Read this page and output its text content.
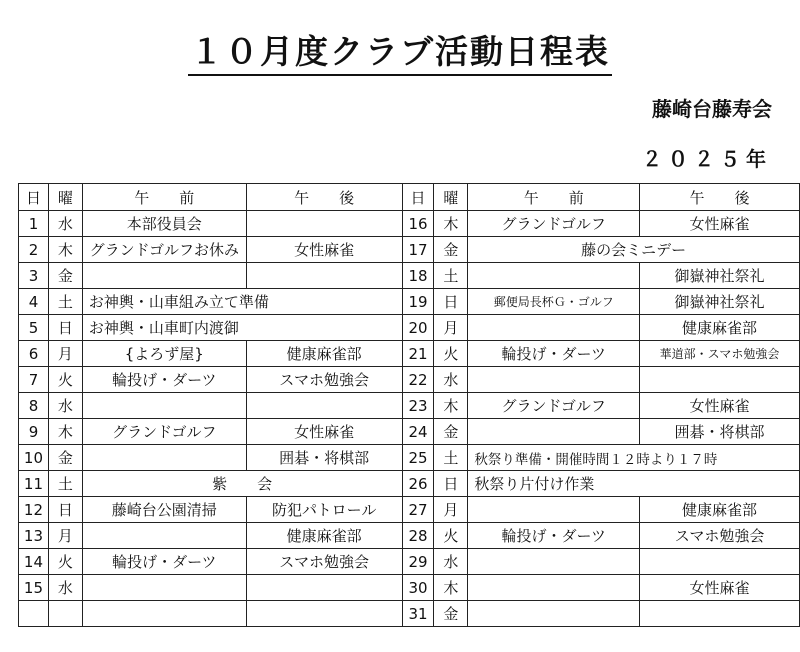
１０月度クラブ活動日程表
藤崎台藤寿会
２０２５年
日	曜	午　　前	午　　後	日	曜	午　　前	午　　後
1	水	本部役員会		16	木	グランドゴルフ	女性麻雀
2	木	グランドゴルフお休み	女性麻雀	17	金	藤の会ミニデー	
3	金			18	土		御嶽神社祭礼
4	土	お神輿・山車組み立て準備		19	日	郵便局長杯Ｇ・ゴルフ	御嶽神社祭礼
5	日	お神輿・山車町内渡御		20	月		健康麻雀部
6	月	{よろず屋}	健康麻雀部	21	火	輪投げ・ダーツ	華道部・スマホ勉強会
7	火	輪投げ・ダーツ	スマホ勉強会	22	水		
8	水			23	木	グランドゴルフ	女性麻雀
9	木	グランドゴルフ	女性麻雀	24	金		囲碁・将棋部
10	金		囲碁・将棋部	25	土	秋祭り準備・開催時間１２時より１７時	
11	土	紫　　会		26	日	秋祭り片付け作業	
12	日	藤崎台公園清掃	防犯パトロール	27	月		健康麻雀部
13	月		健康麻雀部	28	火	輪投げ・ダーツ	スマホ勉強会
14	火	輪投げ・ダーツ	スマホ勉強会	29	水		
15	水			30	木		女性麻雀
				31	金		
